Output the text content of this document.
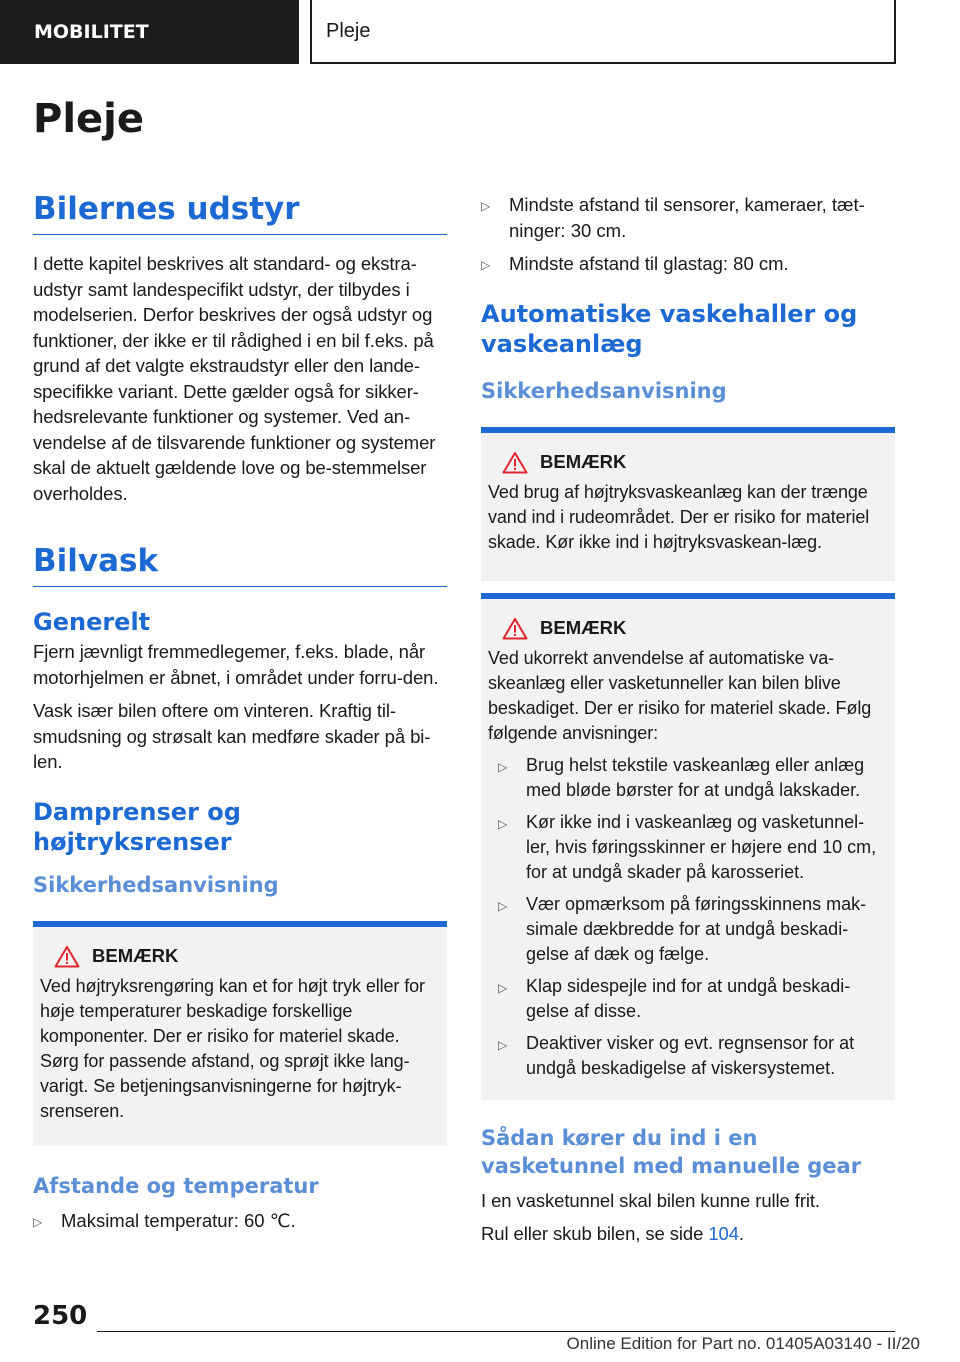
MOBILITET	Pleje
Pleje
Bilernes udstyr

I dette kapitel beskrives alt standard- og ekstra-udstyr samt landespecifikt udstyr, der tilbydes i modelserien. Derfor beskrives der også udstyr og funktioner, der ikke er til rådighed i en bil f.eks. på grund af det valgte ekstraudstyr eller den lande-specifikke variant. Dette gælder også for sikker-hedsrelevante funktioner og systemer. Ved an-vendelse af de tilsvarende funktioner og systemer skal de aktuelt gældende love og be-stemmelser overholdes.

Bilvask
Generelt

Fjern jævnligt fremmedlegemer, f.eks. blade, når motorhjelmen er åbnet, i området under forru-den.

Vask især bilen oftere om vinteren. Kraftig til-smudsning og strøsalt kan medføre skader på bi-len.

Damprenser og højtryksrenser
Sikkerhedsanvisning
BEMÆRK

Ved højtryksrengøring kan et for højt tryk eller for høje temperaturer beskadige forskellige komponenter. Der er risiko for materiel skade. Sørg for passende afstand, og sprøjt ikke lang-varigt. Se betjeningsanvisningerne for højtryk-srenseren.

Afstande og temperatur
▷	Maksimal temperatur: 60 ℃.
▷	Mindste afstand til sensorer, kameraer, tæt-ninger: 30 cm.
▷	Mindste afstand til glastag: 80 cm.
Automatiske vaskehaller og vaskeanlæg
Sikkerhedsanvisning
BEMÆRK

Ved brug af højtryksvaskeanlæg kan der trænge vand ind i rudeområdet. Der er risiko for materiel skade. Kør ikke ind i højtryksvaskean-læg.

BEMÆRK

Ved ukorrekt anvendelse af automatiske va-skeanlæg eller vasketunneller kan bilen blive beskadiget. Der er risiko for materiel skade. Følg følgende anvisninger:

▷	Brug helst tekstile vaskeanlæg eller anlæg med bløde børster for at undgå lakskader.
▷	Kør ikke ind i vaskeanlæg og vasketunnel-ler, hvis føringsskinner er højere end 10 cm, for at undgå skader på karosseriet.
▷	Vær opmærksom på føringsskinnens mak-simale dækbredde for at undgå beskadi-gelse af dæk og fælge.
▷	Klap sidespejle ind for at undgå beskadi-gelse af disse.
▷	Deaktiver visker og evt. regnsensor for at undgå beskadigelse af viskersystemet.
Sådan kører du ind i en vasketunnel med manuelle gear

I en vasketunnel skal bilen kunne rulle frit.

Rul eller skub bilen, se side 104.

250
Online Edition for Part no. 01405A03140 - II/20
